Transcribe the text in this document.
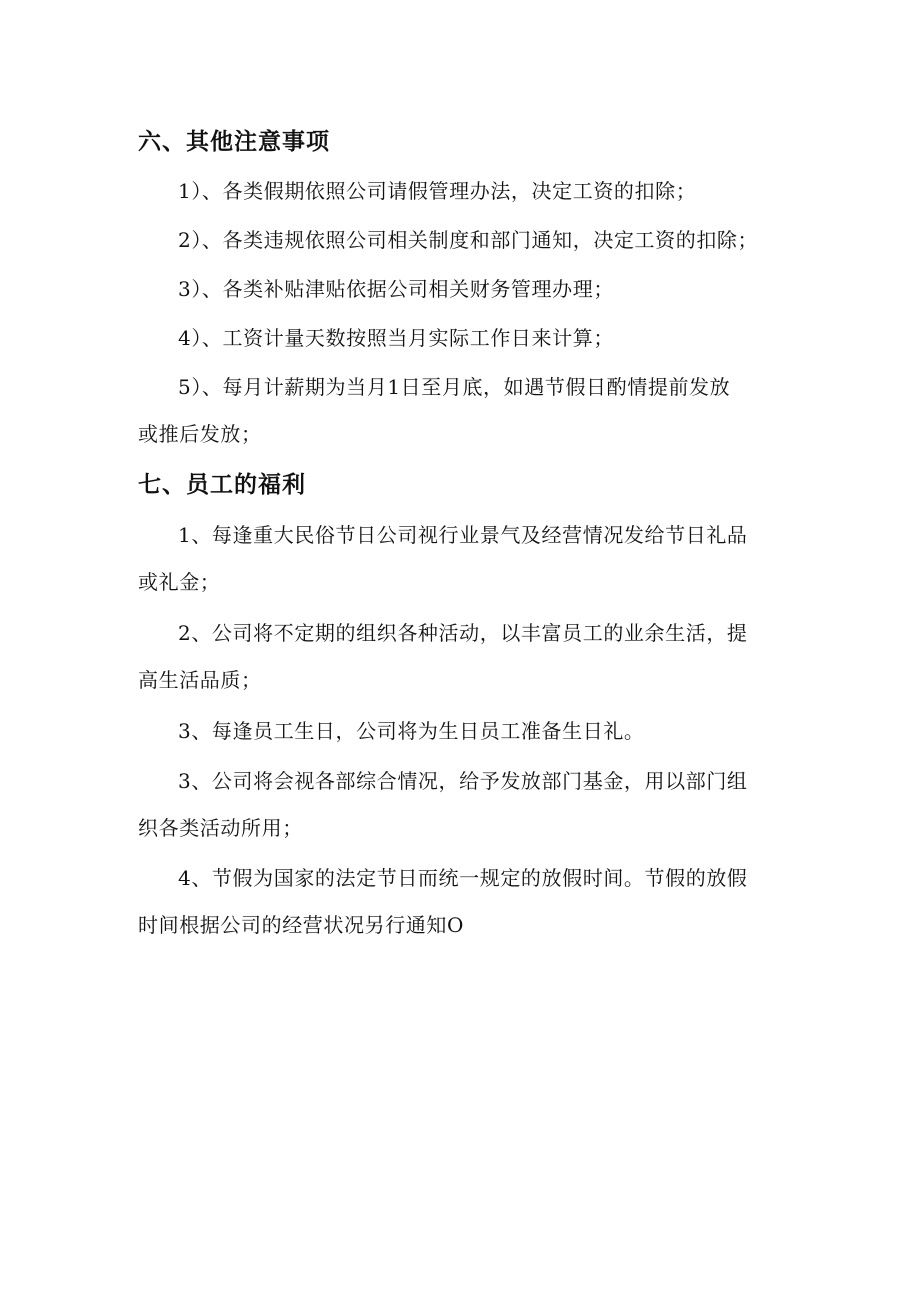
六、其他注意事项
1）、各类假期依照公司请假管理办法，决定工资的扣除；
2）、各类违规依照公司相关制度和部门通知，决定工资的扣除；
3）、各类补贴津贴依据公司相关财务管理办理；
4）、工资计量天数按照当月实际工作日来计算；
5）、每月计薪期为当月1日至月底，如遇节假日酌情提前发放
或推后发放；
七、员工的福利
1、每逢重大民俗节日公司视行业景气及经营情况发给节日礼品
或礼金；
2、公司将不定期的组织各种活动，以丰富员工的业余生活，提
高生活品质；
3、每逢员工生日，公司将为生日员工准备生日礼。
3、公司将会视各部综合情况，给予发放部门基金，用以部门组
织各类活动所用；
4、节假为国家的法定节日而统一规定的放假时间。节假的放假
时间根据公司的经营状况另行通知O
